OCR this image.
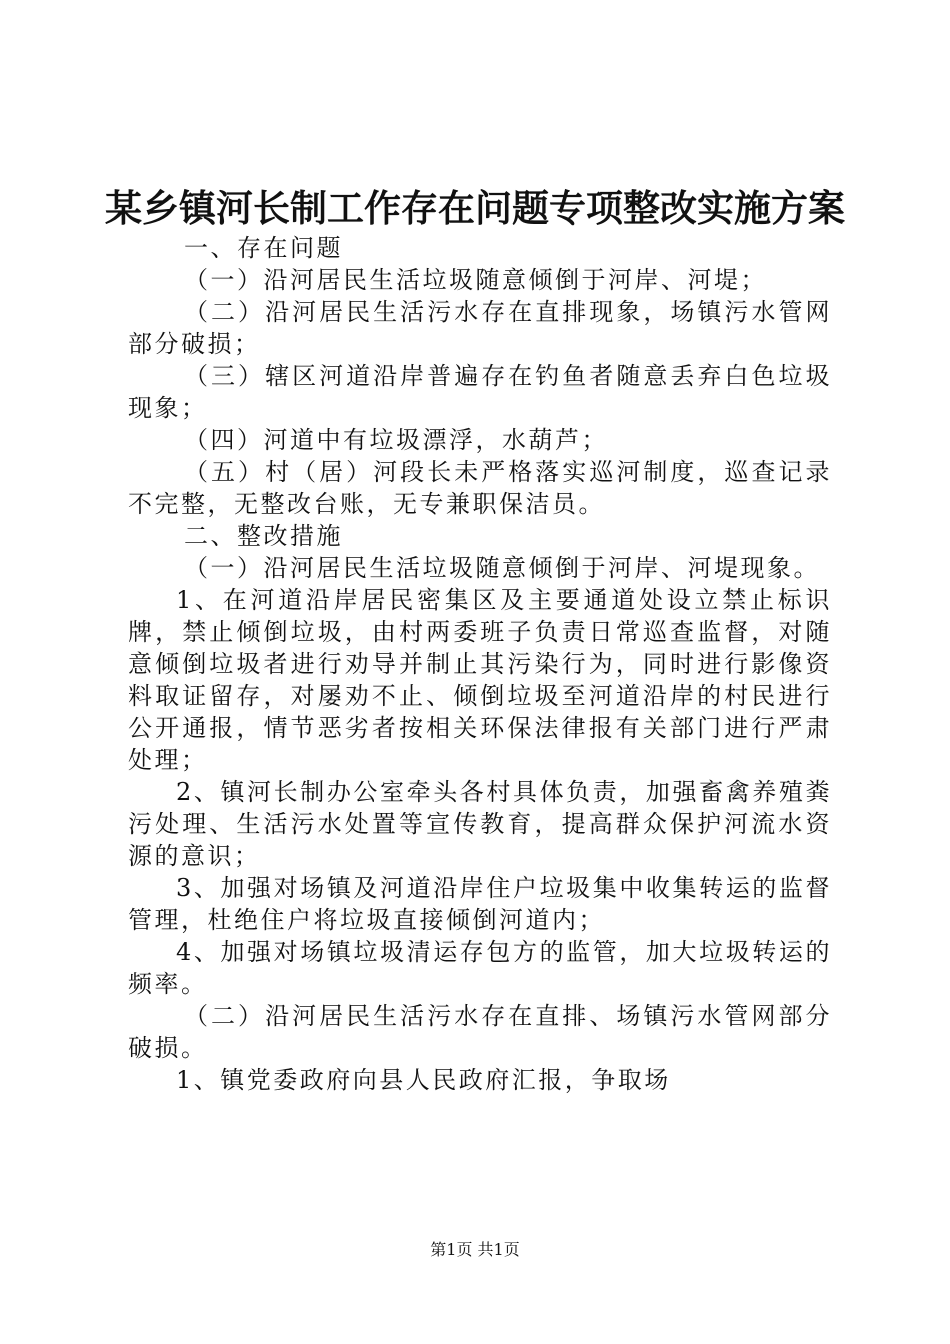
某乡镇河长制工作存在问题专项整改实施方案

一、存在问题

（一）沿河居民生活垃圾随意倾倒于河岸、河堤；

（二）沿河居民生活污水存在直排现象，场镇污水管网部分破损；

（三）辖区河道沿岸普遍存在钓鱼者随意丢弃白色垃圾现象；

（四）河道中有垃圾漂浮，水葫芦；

（五）村（居）河段长未严格落实巡河制度，巡查记录不完整，无整改台账，无专兼职保洁员。

二、整改措施

（一）沿河居民生活垃圾随意倾倒于河岸、河堤现象。

1、在河道沿岸居民密集区及主要通道处设立禁止标识牌，禁止倾倒垃圾，由村两委班子负责日常巡查监督，对随意倾倒垃圾者进行劝导并制止其污染行为，同时进行影像资料取证留存，对屡劝不止、倾倒垃圾至河道沿岸的村民进行公开通报，情节恶劣者按相关环保法律报有关部门进行严肃处理；

2、镇河长制办公室牵头各村具体负责，加强畜禽养殖粪污处理、生活污水处置等宣传教育，提高群众保护河流水资源的意识；

3、加强对场镇及河道沿岸住户垃圾集中收集转运的监督管理，杜绝住户将垃圾直接倾倒河道内；

4、加强对场镇垃圾清运存包方的监管，加大垃圾转运的频率。

（二）沿河居民生活污水存在直排、场镇污水管网部分破损。

1、镇党委政府向县人民政府汇报，争取场

第1页 共1页
